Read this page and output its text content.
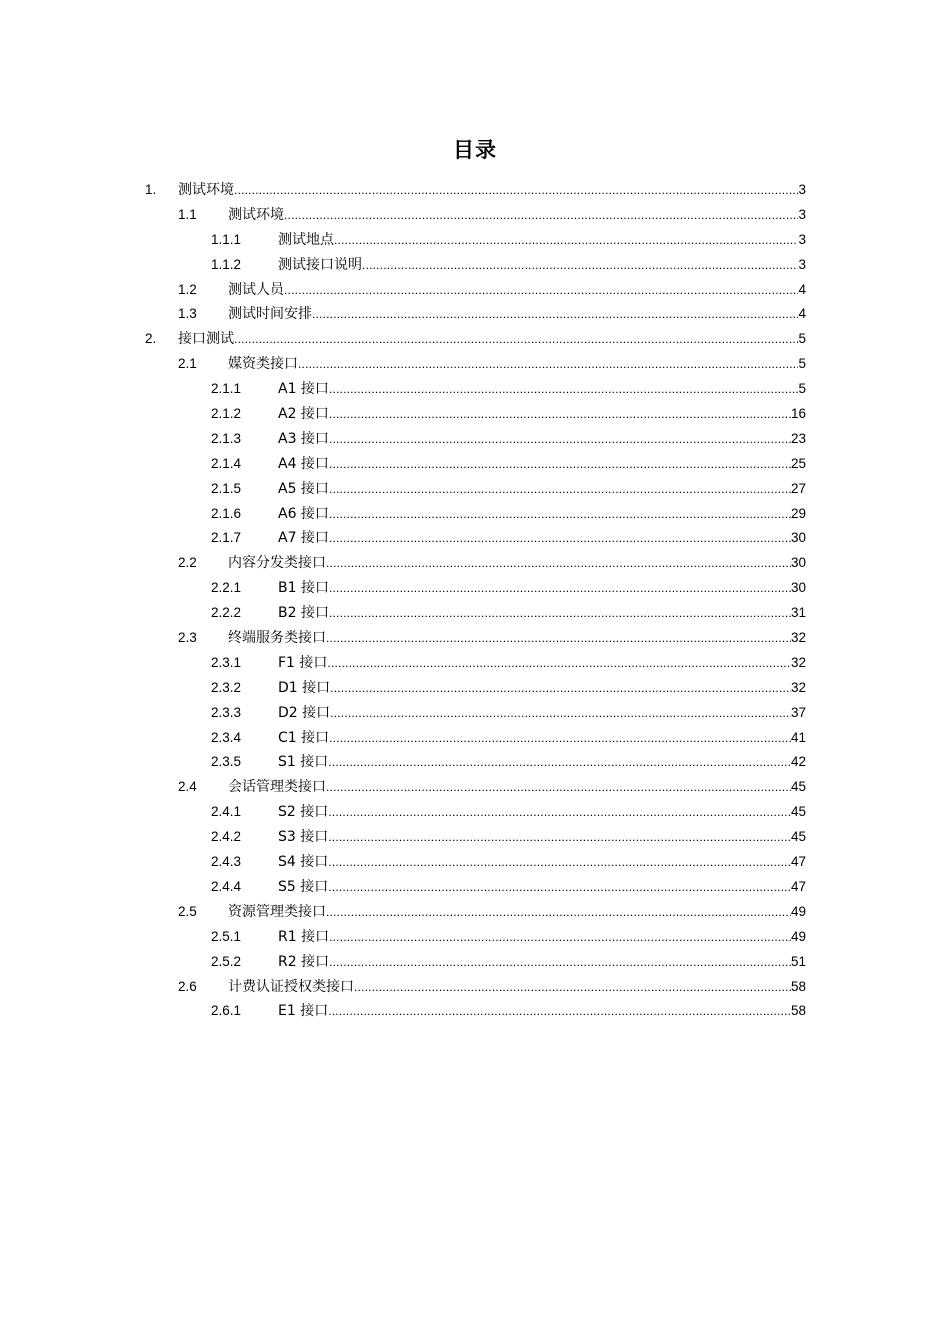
目录
1. 测试环境 .....	3
1.1 测试环境 .....	3
1.1.1	测试地点 .....	3
1.1.2	测试接口说明 .....	3
1.2 测试人员 .....	4
1.3 测试时间安排 .....	4
2. 接口测试 .....	5
2.1 媒资类接口 .....	5
2.1.1	A1 接口 .....	5
2.1.2	A2 接口 .....	16
2.1.3	A3 接口 .....	23
2.1.4	A4 接口 .....	25
2.1.5	A5 接口 .....	27
2.1.6	A6 接口 .....	29
2.1.7	A7 接口 .....	30
2.2 内容分发类接口 .....	30
2.2.1	B1 接口 .....	30
2.2.2	B2 接口 .....	31
2.3 终端服务类接口 .....	32
2.3.1	F1 接口 .....	32
2.3.2	D1 接口 .....	32
2.3.3	D2 接口 .....	37
2.3.4	C1 接口 .....	41
2.3.5	S1 接口 .....	42
2.4 会话管理类接口 .....	45
2.4.1	S2 接口 .....	45
2.4.2	S3 接口 .....	45
2.4.3	S4 接口 .....	47
2.4.4	S5 接口 .....	47
2.5 资源管理类接口 .....	49
2.5.1	R1 接口 .....	49
2.5.2	R2 接口 .....	51
2.6 计费认证授权类接口 .....	58
2.6.1	E1 接口 .....	58
